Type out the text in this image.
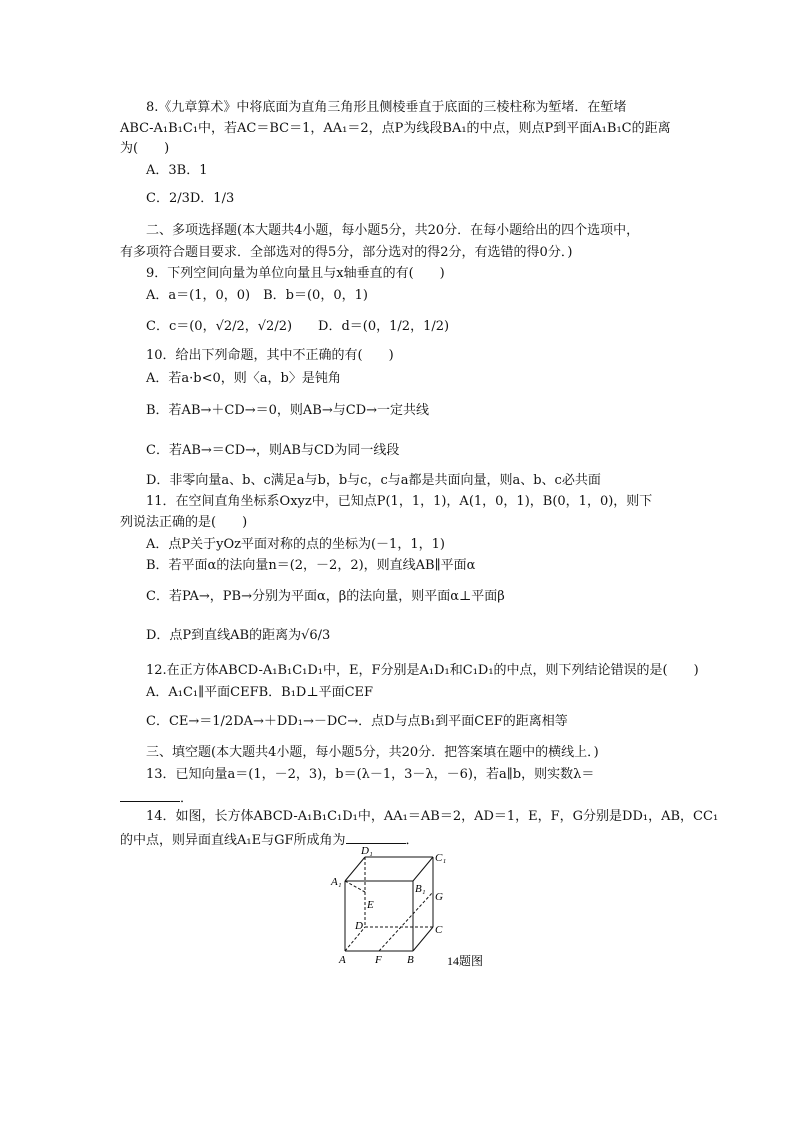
8.《九章算术》中将底面为直角三角形且侧棱垂直于底面的三棱柱称为堑堵．在堑堵
ABC-A₁B₁C₁中，若AC＝BC＝1，AA₁＝2，点P为线段BA₁的中点，则点P到平面A₁B₁C的距离
为(　　)
A．3B．1
C．2/3D．1/3
二、多项选择题(本大题共4小题，每小题5分，共20分．在每小题给出的四个选项中，
有多项符合题目要求．全部选对的得5分，部分选对的得2分，有选错的得0分．)
9．下列空间向量为单位向量且与x轴垂直的有(　　)
A．a＝(1，0，0)　B．b＝(0，0，1)
C．c＝(0，√2/2，√2/2)　　D．d＝(0，1/2，1/2)
10．给出下列命题，其中不正确的有(　　)
A．若a·b<0，则〈a，b〉是钝角
B．若AB→＋CD→＝0，则AB→与CD→一定共线
C．若AB→＝CD→，则AB与CD为同一线段
D．非零向量a、b、c满足a与b，b与c，c与a都是共面向量，则a、b、c必共面
11．在空间直角坐标系Oxyz中，已知点P(1，1，1)，A(1，0，1)，B(0，1，0)，则下
列说法正确的是(　　)
A．点P关于yOz平面对称的点的坐标为(－1，1，1)
B．若平面α的法向量n＝(2，－2，2)，则直线AB∥平面α
C．若PA→，PB→分别为平面α，β的法向量，则平面α⊥平面β
D．点P到直线AB的距离为√6/3
12.在正方体ABCD-A₁B₁C₁D₁中，E，F分别是A₁D₁和C₁D₁的中点，则下列结论错误的是(　　)
A．A₁C₁∥平面CEFB．B₁D⊥平面CEF
C．CE→＝1/2DA→＋DD₁→－DC→．点D与点B₁到平面CEF的距离相等
三、填空题(本大题共4小题，每小题5分，共20分．把答案填在题中的横线上．)
13．已知向量a＝(1，－2，3)，b＝(λ－1，3－λ，－6)，若a∥b，则实数λ＝
．
14．如图，长方体ABCD-A₁B₁C₁D₁中，AA₁＝AB＝2，AD＝1，E，F，G分别是DD₁，AB，CC₁
的中点，则异面直线A₁E与GF所成角为	．
D₁
C₁
A₁
B₁
E
G
D	C
A	F B	14题图
